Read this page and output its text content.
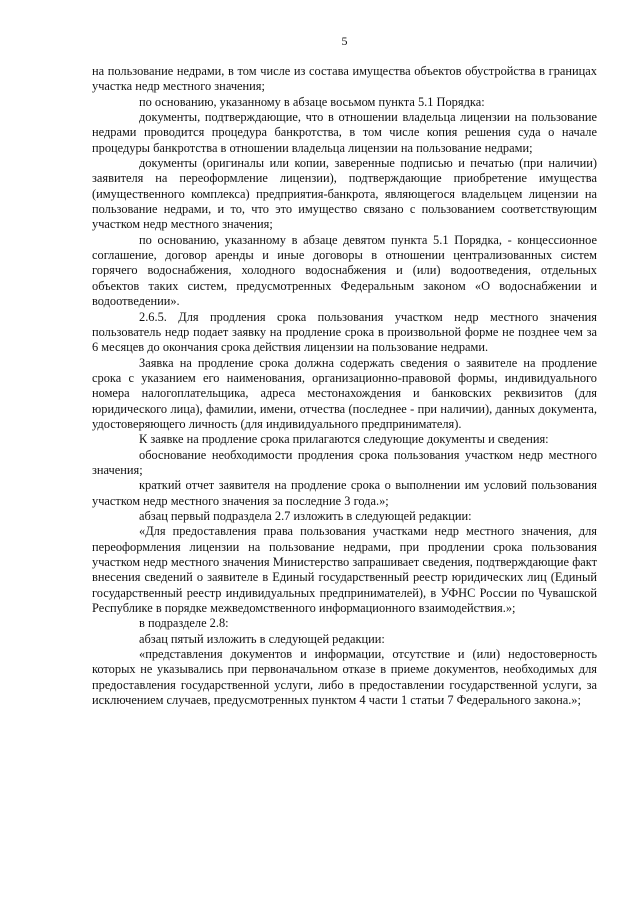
5

на пользование недрами, в том числе из состава имущества объектов обустройства в границах участка недр местного значения;

по основанию, указанному в абзаце восьмом пункта 5.1 Порядка:

документы, подтверждающие, что в отношении владельца лицензии на пользование недрами проводится процедура банкротства, в том числе копия решения суда о начале процедуры банкротства в отношении владельца лицензии на пользование недрами;

документы (оригиналы или копии, заверенные подписью и печатью (при наличии) заявителя на переоформление лицензии), подтверждающие приобретение имущества (имущественного комплекса) предприятия-банкрота, являющегося владельцем лицензии на пользование недрами, и то, что это имущество связано с пользованием соответствующим участком недр местного значения;

по основанию, указанному в абзаце девятом пункта 5.1 Порядка, - концессионное соглашение, договор аренды и иные договоры в отношении централизованных систем горячего водоснабжения, холодного водоснабжения и (или) водоотведения, отдельных объектов таких систем, предусмотренных Федеральным законом «О водоснабжении и водоотведении».

2.6.5. Для продления срока пользования участком недр местного значения пользователь недр подает заявку на продление срока в произвольной форме не позднее чем за 6 месяцев до окончания срока действия лицензии на пользование недрами.

Заявка на продление срока должна содержать сведения о заявителе на продление срока с указанием его наименования, организационно-правовой формы, индивидуального номера налогоплательщика, адреса местонахождения и банковских реквизитов (для юридического лица), фамилии, имени, отчества (последнее - при наличии), данных документа, удостоверяющего личность (для индивидуального предпринимателя).

К заявке на продление срока прилагаются следующие документы и сведения:

обоснование необходимости продления срока пользования участком недр местного значения;

краткий отчет заявителя на продление срока о выполнении им условий пользования участком недр местного значения за последние 3 года.»;

абзац первый подраздела 2.7 изложить в следующей редакции:

«Для предоставления права пользования участками недр местного значения, для переоформления лицензии на пользование недрами, при продлении срока пользования участком недр местного значения Министерство запрашивает сведения, подтверждающие факт внесения сведений о заявителе в Единый государственный реестр юридических лиц (Единый государственный реестр индивидуальных предпринимателей), в УФНС России по Чувашской Республике в порядке межведомственного информационного взаимодействия.»;

в подразделе 2.8:

абзац пятый изложить в следующей редакции:

«представления документов и информации, отсутствие и (или) недостоверность которых не указывались при первоначальном отказе в приеме документов, необходимых для предоставления государственной услуги, либо в предоставлении государственной услуги, за исключением случаев, предусмотренных пунктом 4 части 1 статьи 7 Федерального закона.»;
